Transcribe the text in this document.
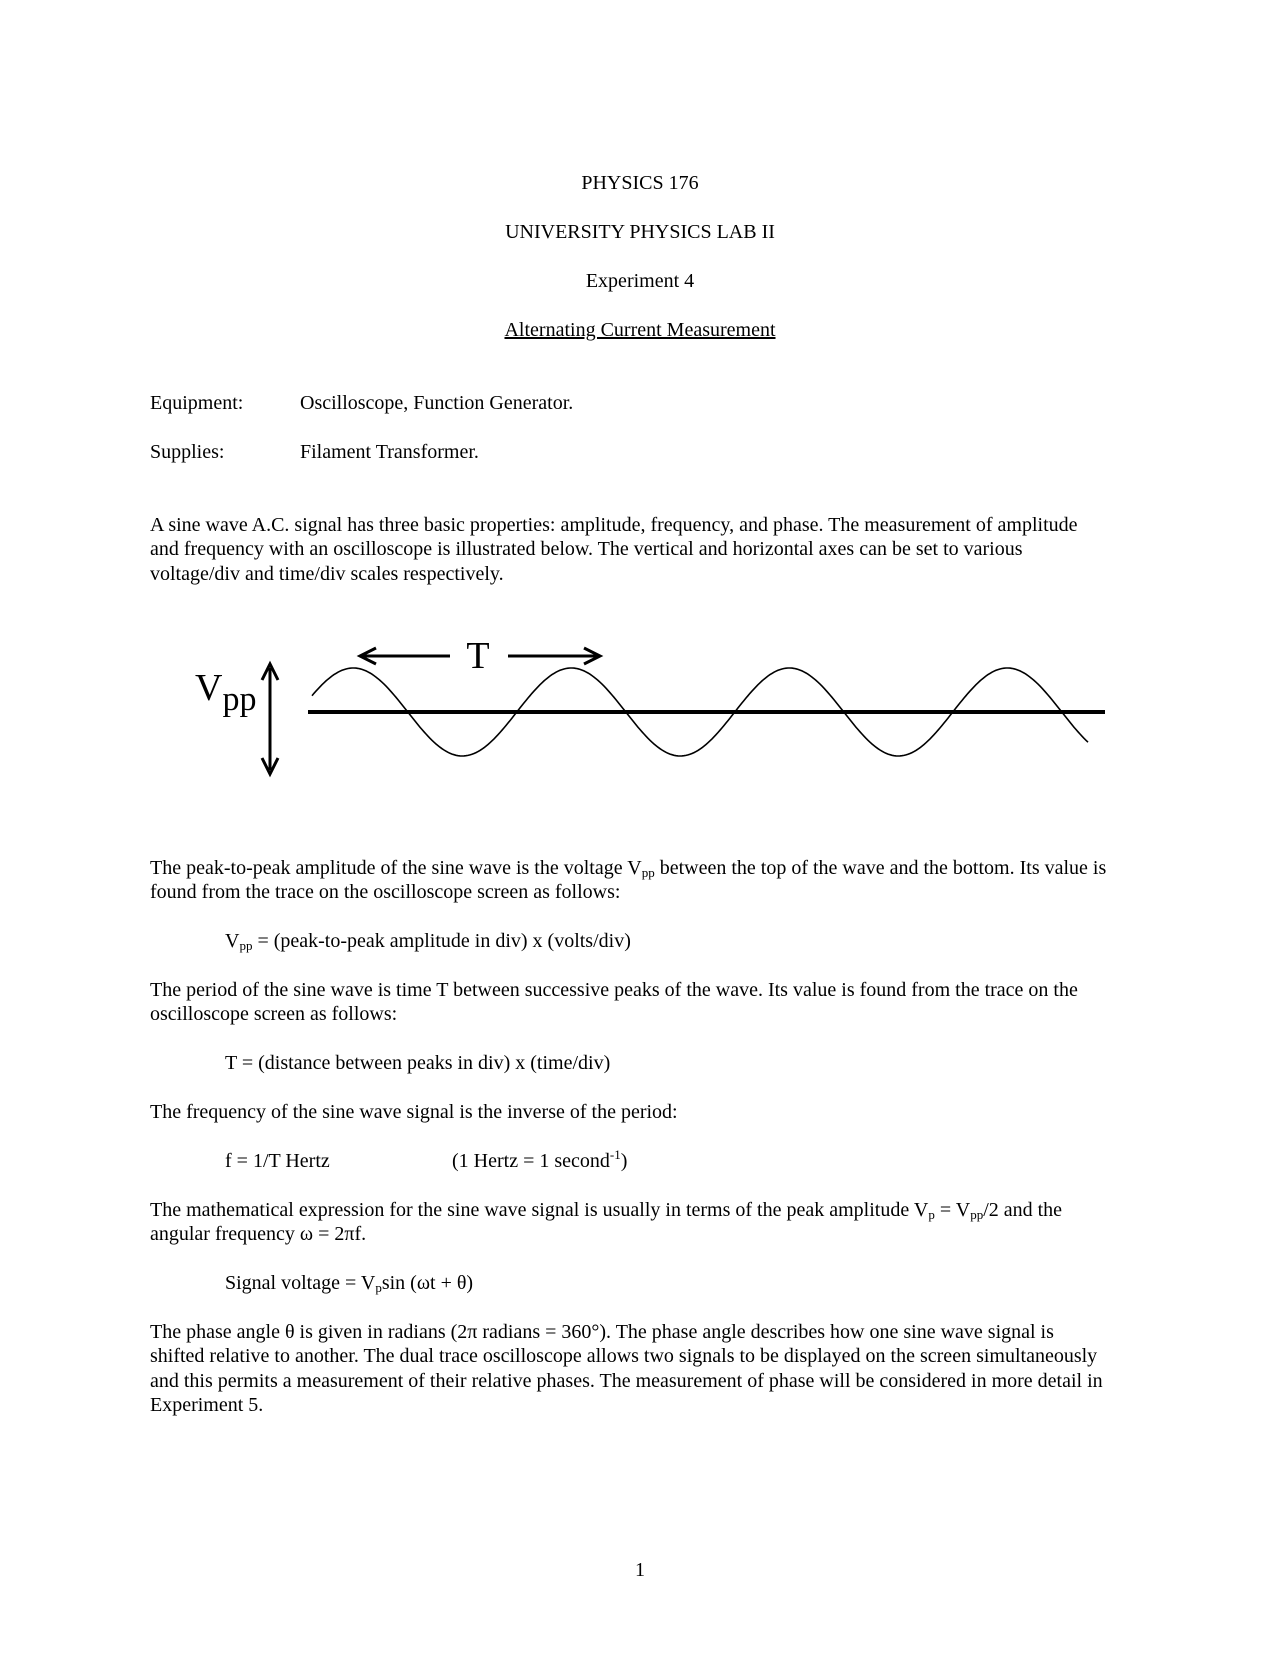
PHYSICS 176
UNIVERSITY PHYSICS LAB II
Experiment 4
Alternating Current Measurement
Equipment:	Oscilloscope, Function Generator.
Supplies:	Filament Transformer.
A sine wave A.C. signal has three basic properties: amplitude, frequency, and phase. The measurement of amplitude and frequency with an oscilloscope is illustrated below. The vertical and horizontal axes can be set to various voltage/div and time/div scales respectively.
Vpp
T
The peak-to-peak amplitude of the sine wave is the voltage $V_{pp}$ between the top of the wave and the bottom. Its value is found from the trace on the oscilloscope screen as follows:
$V_{pp}$ = (peak-to-peak amplitude in div) x (volts/div)
The period of the sine wave is time T between successive peaks of the wave. Its value is found from the trace on the oscilloscope screen as follows:
T = (distance between peaks in div) x (time/div)
The frequency of the sine wave signal is the inverse of the period:
f = 1/T Hertz	(1 Hertz = 1 second$^{-1}$)
The mathematical expression for the sine wave signal is usually in terms of the peak amplitude $V_p = V_{pp}/2$ and the angular frequency ω = 2πf.
Signal voltage = $V_p\sin$ (ωt + θ)
The phase angle θ is given in radians (2π radians = 360°). The phase angle describes how one sine wave signal is shifted relative to another. The dual trace oscilloscope allows two signals to be displayed on the screen simultaneously and this permits a measurement of their relative phases. The measurement of phase will be considered in more detail in Experiment 5.
1
